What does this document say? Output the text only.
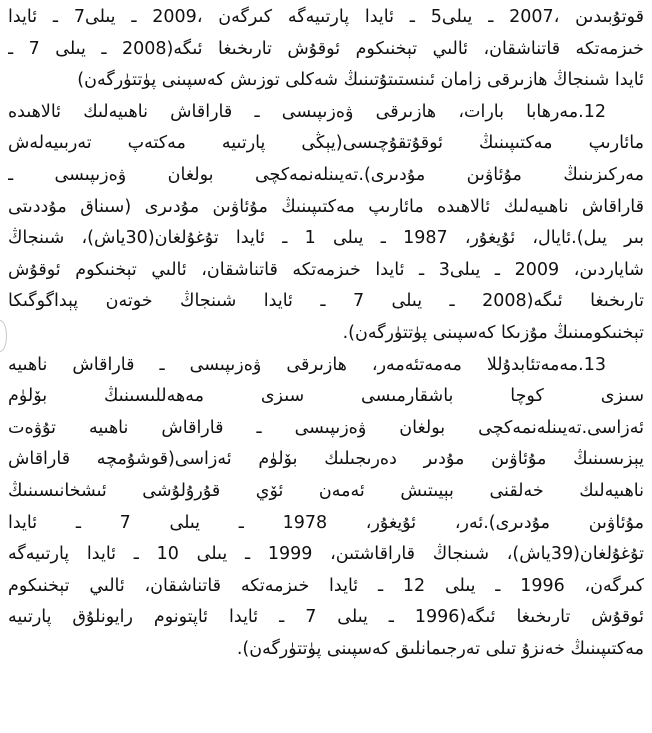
قوتۇبىدىن ،2007 ـ يىلى5 ـ ئايدا پارتىيەگە كىرگەن ،2009 ـ يىلى7 ـ ئايدا
خىزمەتكە قاتناشقان، ئالىي تېخنىكوم ئوقۇش تارىخىغا ئىگە(2008 ـ يىلى 7 ـ
ئايدا شىنجاڭ ھازىرقى زامان ئىنستىتۇتىنىڭ شەكلى توزىش كەسپىنى پۈتتۈرگەن)
12.مەرھابا بارات، ھازىرقى ۋەزىپىسى ـ قاراقاش ناھىيەلىك ئالاھىدە
مائارىپ مەكتىپىنىڭ ئوقۇتقۇچىسى(يېڭى پارتىيە مەكتەپ تەربىيەلەش
مەركىزىنىڭ مۇئاۋىن مۇدىرى).تەيىنلەنمەكچى بولغان ۋەزىپىسى ـ
قاراقاش ناھىيەلىك ئالاھىدە مائارىپ مەكتىپىنىڭ مۇئاۋىن مۇدىرى (سىناق مۇددىتى
بىر يىل).ئايال، ئۇيغۇر، 1987 ـ يىلى 1 ـ ئايدا تۇغۇلغان(30ياش)، شىنجاڭ
شاياردىن، 2009 ـ يىلى3 ـ ئايدا خىزمەتكە قاتناشقان، ئالىي تېخنىكوم ئوقۇش
تارىخىغا ئىگە(2008 ـ يىلى 7 ـ ئايدا شىنجاڭ خوتەن پېداگوگىكا
تېخنىكومىنىڭ مۇزىكا كەسپىنى پۈتتۈرگەن).
13.مەمەتئابدۇللا مەمەتئەمەر، ھازىرقى ۋەزىپىسى ـ قاراقاش ناھىيە
سىزى كوچا باشقارمىسى سىزى مەھەللىسىنىڭ بۆلۈم
ئەزاسى.تەيىنلەنمەكچى بولغان ۋەزىپىسى ـ قاراقاش ناھىيە تۇۋەت
يېزىسىنىڭ مۇئاۋىن مۇدىر دەرىجىلىك بۆلۈم ئەزاسى(قوشۇمچە قاراقاش
ناھىيەلىك خەلقنى بېيىتىش ئەمەن ئۆي قۇرۇلۇشى ئىشخانىسىنىڭ
مۇئاۋىن مۇدىرى).ئەر، ئۇيغۇر، 1978 ـ يىلى 7 ـ ئايدا
تۇغۇلغان(39ياش)، شىنجاڭ قاراقاشتىن، 1999 ـ يىلى 10 ـ ئايدا پارتىيەگە
كىرگەن، 1996 ـ يىلى 12 ـ ئايدا خىزمەتكە قاتناشقان، ئالىي تېخنىكوم
ئوقۇش تارىخىغا ئىگە(1996 ـ يىلى 7 ـ ئايدا ئاپتونوم رايونلۇق پارتىيە
مەكتىپىنىڭ خەنزۇ تىلى تەرجىمانلىق كەسپىنى پۈتتۈرگەن).
